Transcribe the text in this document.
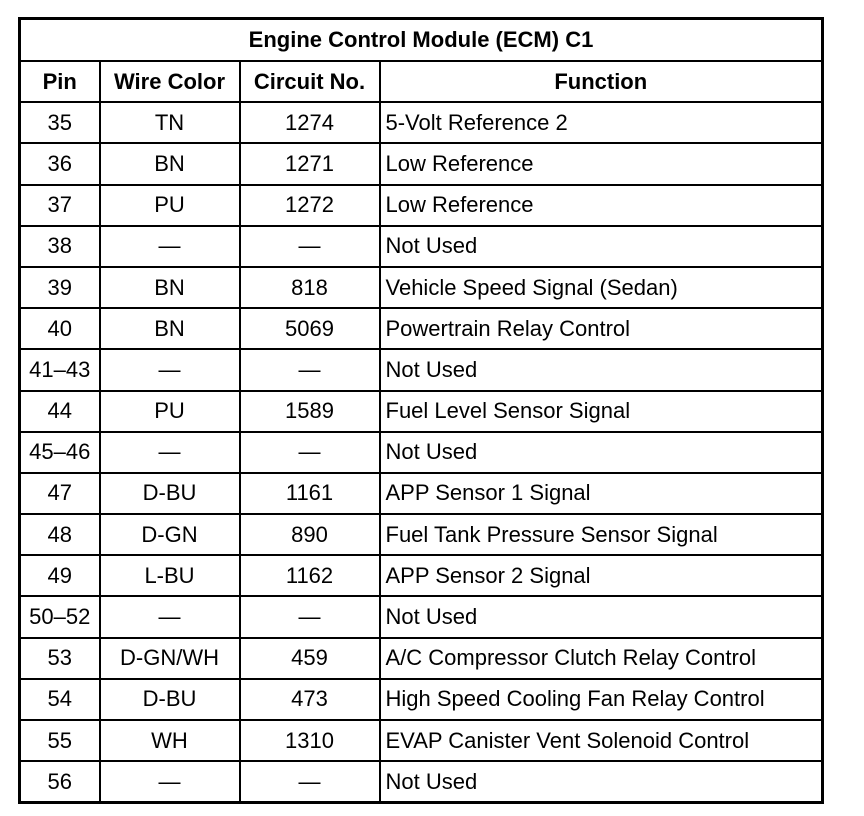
Engine Control Module (ECM) C1			
Pin	Wire Color	Circuit No.	Function
35	TN	1274	5-Volt Reference 2
36	BN	1271	Low Reference
37	PU	1272	Low Reference
38	—	—	Not Used
39	BN	818	Vehicle Speed Signal (Sedan)
40	BN	5069	Powertrain Relay Control
41–43	—	—	Not Used
44	PU	1589	Fuel Level Sensor Signal
45–46	—	—	Not Used
47	D-BU	1161	APP Sensor 1 Signal
48	D-GN	890	Fuel Tank Pressure Sensor Signal
49	L-BU	1162	APP Sensor 2 Signal
50–52	—	—	Not Used
53	D-GN/WH	459	A/C Compressor Clutch Relay Control
54	D-BU	473	High Speed Cooling Fan Relay Control
55	WH	1310	EVAP Canister Vent Solenoid Control
56	—	—	Not Used
